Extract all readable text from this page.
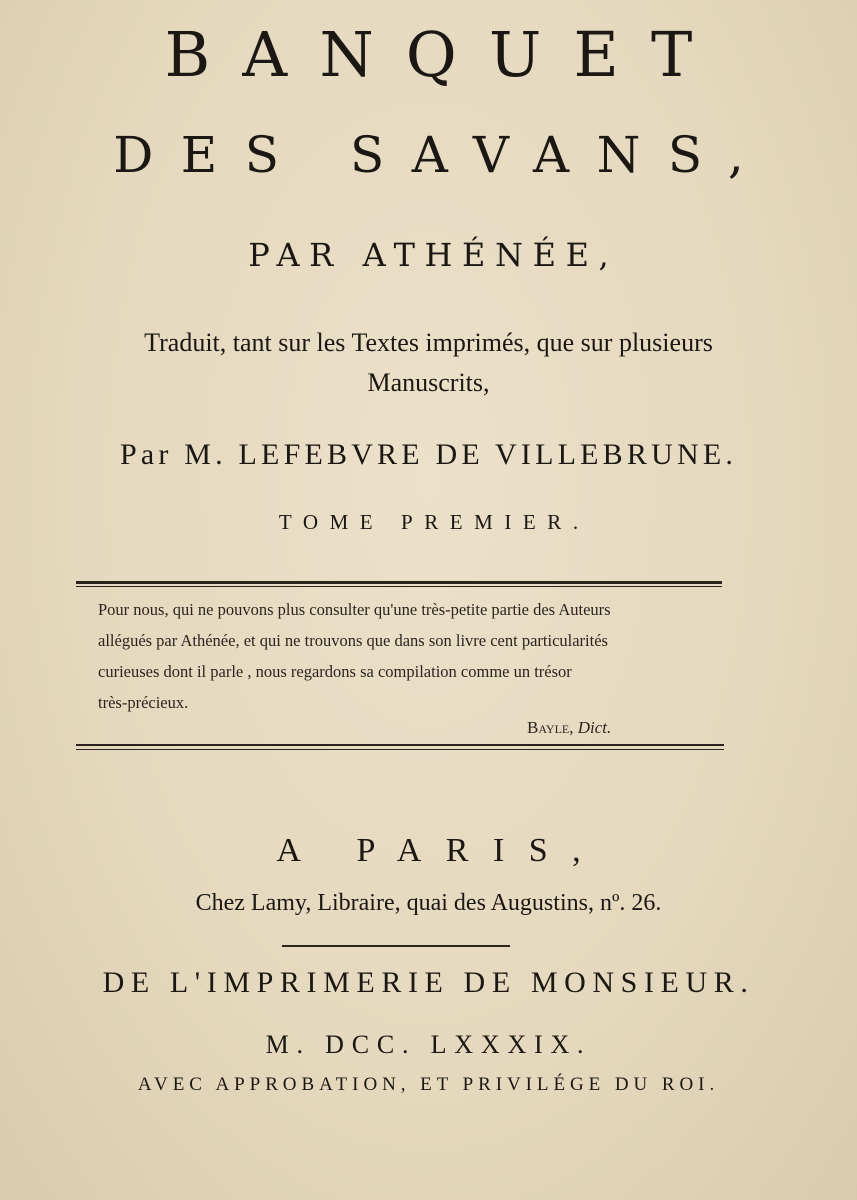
BANQUET
DES SAVANS,
PAR ATHÉNÉE,
Traduit, tant sur les Textes imprimés, que sur plusieurs
Manuscrits,
Par M. LEFEBVRE DE VILLEBRUNE.
TOME PREMIER.
Pour nous, qui ne pouvons plus consulter qu'une très-petite partie des Auteurs
allégués par Athénée, et qui ne trouvons que dans son livre cent particularités
curieuses dont il parle , nous regardons sa compilation comme un trésor
très-précieux.
Bayle, Dict.
A PARIS,
Chez Lamy, Libraire, quai des Augustins, nº. 26.
DE L'IMPRIMERIE DE MONSIEUR.
M. DCC. LXXXIX.
AVEC APPROBATION, ET PRIVILÉGE DU ROI.
